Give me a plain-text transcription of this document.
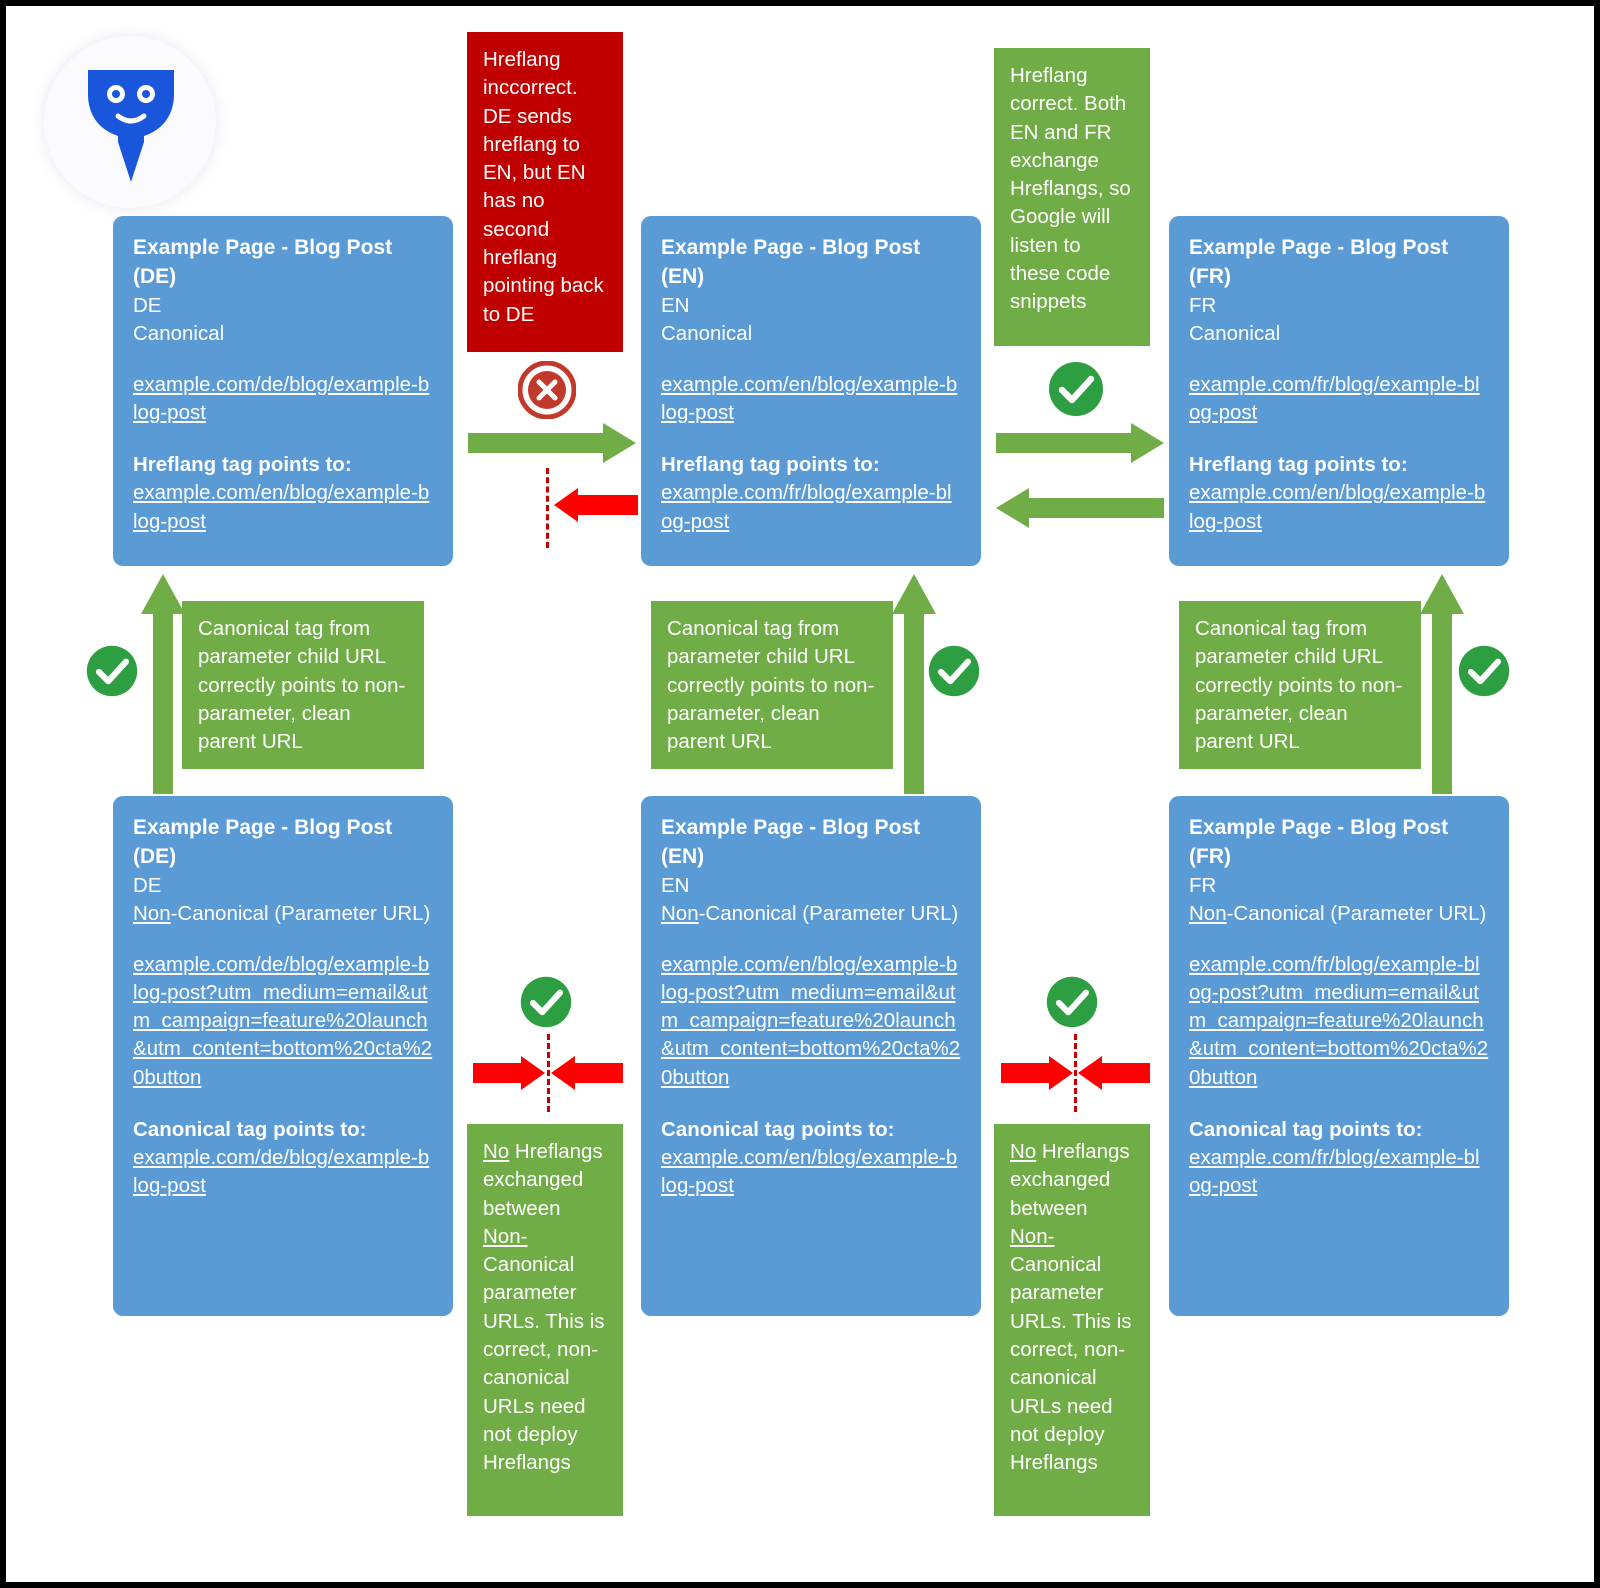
Example Page - Blog Post (DE)
DE
Canonical
example.com/de/blog/example-blog-post
Hreflang tag points to:
example.com/en/blog/example-blog-post
Example Page - Blog Post (EN)
EN
Canonical
example.com/en/blog/example-blog-post
Hreflang tag points to:
example.com/fr/blog/example-blog-post
Example Page - Blog Post (FR)
FR
Canonical
example.com/fr/blog/example-blog-post
Hreflang tag points to:
example.com/en/blog/example-blog-post
Hreflang inccorrect. DE sends hreflang to EN, but EN has no second hreflang pointing back to DE
Hreflang correct. Both EN and FR exchange Hreflangs, so Google will listen to these code snippets
Canonical tag from parameter child URL correctly points to non-parameter, clean parent URL
Canonical tag from parameter child URL correctly points to non-parameter, clean parent URL
Canonical tag from parameter child URL correctly points to non-parameter, clean parent URL
Example Page - Blog Post (DE)
DE
Non-Canonical (Parameter URL)
example.com/de/blog/example-blog-post?utm_medium=email&utm_campaign=feature%20launch&utm_content=bottom%20cta%20button
Canonical tag points to:
example.com/de/blog/example-blog-post
Example Page - Blog Post (EN)
EN
Non-Canonical (Parameter URL)
example.com/en/blog/example-blog-post?utm_medium=email&utm_campaign=feature%20launch&utm_content=bottom%20cta%20button
Canonical tag points to:
example.com/en/blog/example-blog-post
Example Page - Blog Post (FR)
FR
Non-Canonical (Parameter URL)
example.com/fr/blog/example-blog-post?utm_medium=email&utm_campaign=feature%20launch&utm_content=bottom%20cta%20button
Canonical tag points to:
example.com/fr/blog/example-blog-post
No Hreflangs exchanged between Non-Canonical parameter URLs. This is correct, non-canonical URLs need not deploy Hreflangs
No Hreflangs exchanged between Non-Canonical parameter URLs. This is correct, non-canonical URLs need not deploy Hreflangs
